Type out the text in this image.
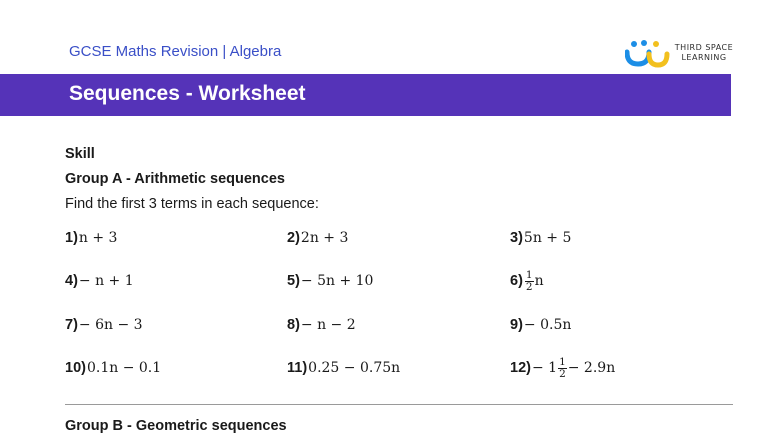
GCSE Maths Revision | Algebra	THIRD SPACE
LEARNING
Sequences - Worksheet
Skill
Group A - Arithmetic sequences
Find the first 3 terms in each sequence:
1) n + 3	2) 2n + 3	3) 5n + 5
4) − n + 1	5) − 5n + 10	$6) \frac{1}{2}$ n
7) − 6n − 3	8) − n − 2	9) − 0.5n
10) 0.1n − 0.1	11) 0.25 − 0.75n	$12) - 1 \frac{1}{2} - 2.9n$
Group B - Geometric sequences
